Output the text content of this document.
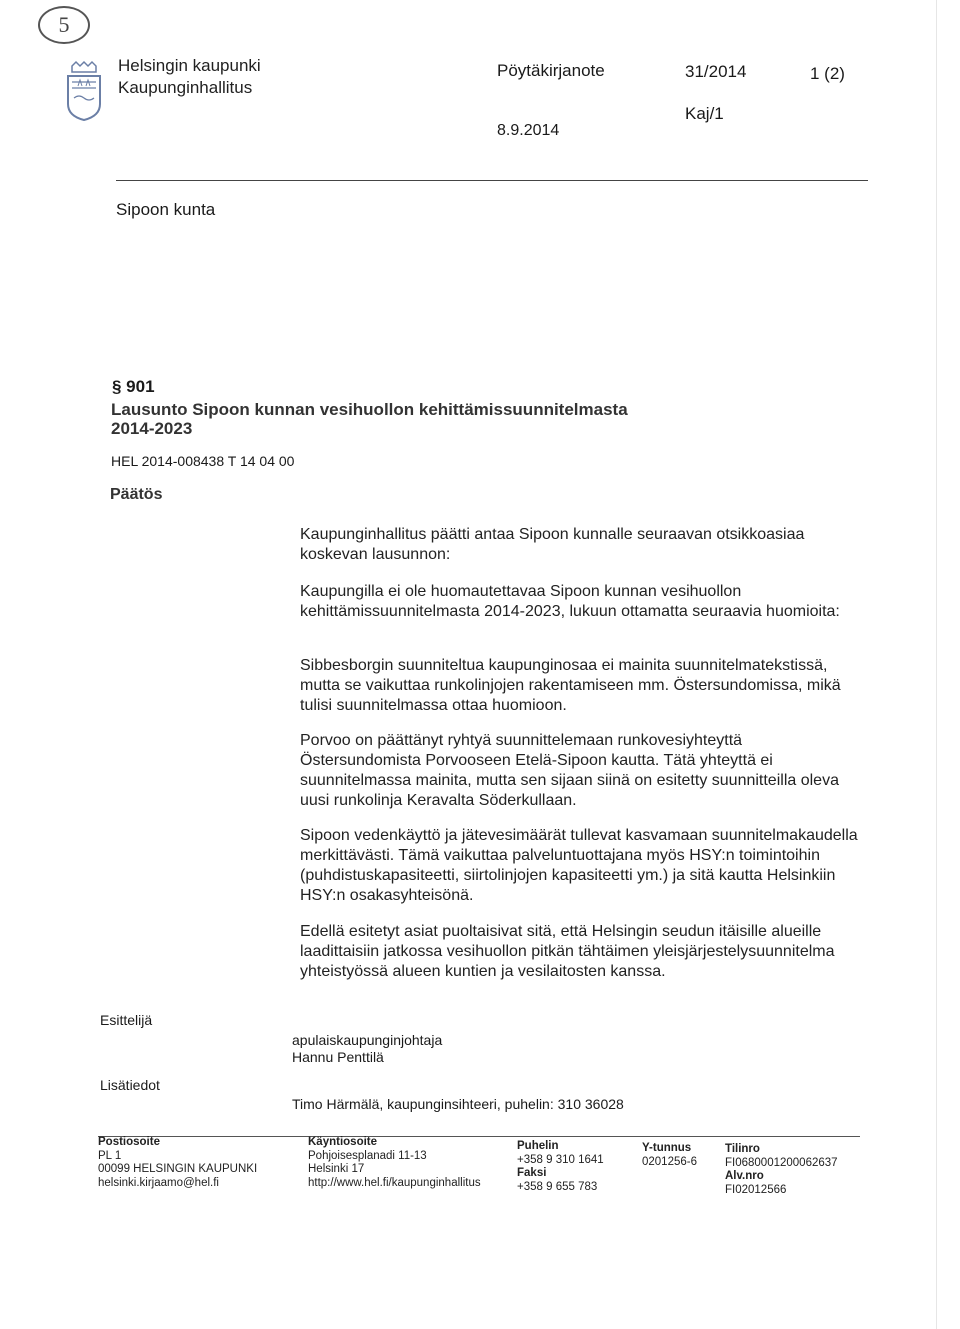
5
Helsingin kaupunki
Kaupunginhallitus
Pöytäkirjanote	31/2014	1 (2)
8.9.2014
Kaj/1
Sipoon kunta
§ 901
Lausunto Sipoon kunnan vesihuollon kehittämissuunnitelmasta
2014-2023
HEL 2014-008438 T 14 04 00
Päätös
Kaupunginhallitus päätti antaa Sipoon kunnalle seuraavan otsikkoasiaa koskevan lausunnon:
Kaupungilla ei ole huomautettavaa Sipoon kunnan vesihuollon kehittämissuunnitelmasta 2014-2023, lukuun ottamatta seuraavia huomioita:
Sibbesborgin suunniteltua kaupunginosaa ei mainita suunnitelmatekstissä, mutta se vaikuttaa runkolinjojen rakentamiseen mm. Östersundomissa, mikä tulisi suunnitelmassa ottaa huomioon.
Porvoo on päättänyt ryhtyä suunnittelemaan runkovesiyhteyttä Östersundomista Porvooseen Etelä-Sipoon kautta. Tätä yhteyttä ei suunnitelmassa mainita, mutta sen sijaan siinä on esitetty suunnitteilla oleva uusi runkolinja Keravalta Söderkullaan.
Sipoon vedenkäyttö ja jätevesimäärät tullevat kasvamaan suunnitelmakaudella merkittävästi. Tämä vaikuttaa palveluntuottajana myös HSY:n toimintoihin (puhdistuskapasiteetti, siirtolinjojen kapasiteetti ym.) ja sitä kautta Helsinkiin HSY:n osakasyhteisönä.
Edellä esitetyt asiat puoltaisivat sitä, että Helsingin seudun itäisille alueille laadittaisiin jatkossa vesihuollon pitkän tähtäimen yleisjärjestelysuunnitelma yhteistyössä alueen kuntien ja vesilaitosten kanssa.
Esittelijä
apulaiskaupunginjohtaja
Hannu Penttilä
Lisätiedot
Timo Härmälä, kaupunginsihteeri, puhelin: 310 36028
Postiosoite
PL 1
00099 HELSINGIN KAUPUNKI
helsinki.kirjaamo@hel.fi
Käyntiosoite
Pohjoisesplanadi 11-13
Helsinki 17
http://www.hel.fi/kaupunginhallitus
Puhelin
+358 9 310 1641
Faksi
+358 9 655 783
Y-tunnus
0201256-6
Tilinro
FI0680001200062637
Alv.nro
FI02012566
